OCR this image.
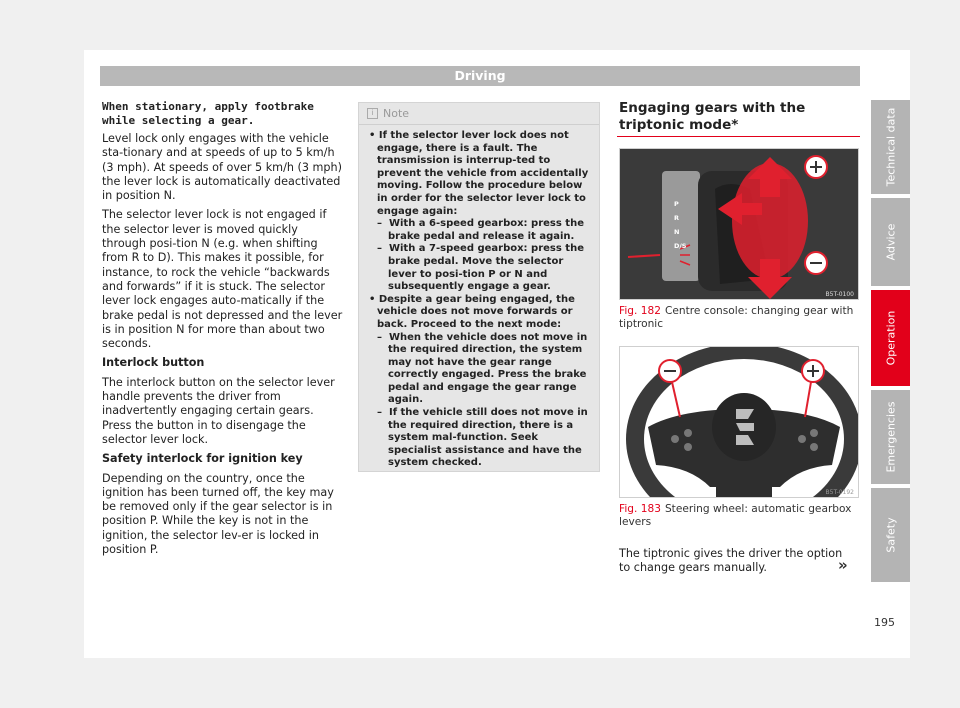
Driving

When stationary, apply footbrake
while selecting a gear.

Level lock only engages with the vehicle sta-tionary and at speeds of up to 5 km/h (3 mph). At speeds of over 5 km/h (3 mph) the lever lock is automatically deactivated in position N.

The selector lever lock is not engaged if the selector lever is moved quickly through posi-tion N (e.g. when shifting from R to D). This makes it possible, for instance, to rock the vehicle “backwards and forwards” if it is stuck. The selector lever lock engages auto-matically if the brake pedal is not depressed and the lever is in position N for more than about two seconds.

Interlock button

The interlock button on the selector lever handle prevents the driver from inadvertently engaging certain gears. Press the button in to disengage the selector lever lock.

Safety interlock for ignition key

Depending on the country, once the ignition has been turned off, the key may be removed only if the gear selector is in position P. While the key is not in the ignition, the selector lev-er is locked in position P.

i Note

• If the selector lever lock does not engage, there is a fault. The transmission is interrup-ted to prevent the vehicle from accidentally moving. Follow the procedure below in order for the selector lever lock to engage again:

–  With a 6-speed gearbox: press the brake pedal and release it again.

–  With a 7-speed gearbox: press the brake pedal. Move the selector lever to posi-tion P or N and subsequently engage a gear.

• Despite a gear being engaged, the vehicle does not move forwards or back. Proceed to the next mode:

–  When the vehicle does not move in the required direction, the system may not have the gear range correctly engaged. Press the brake pedal and engage the gear range again.

–  If the vehicle still does not move in the required direction, there is a system mal-function. Seek specialist assistance and have the system checked.

Engaging gears with the triptonic mode*
P
R
N
D/S
B5T-0100
Fig. 182 Centre console: changing gear with tiptronic
B5T-0192
Fig. 183 Steering wheel: automatic gearbox levers

The tiptronic gives the driver the option to change gears manually.	»
Technical data
Advice
Operation
Emergencies
Safety
195
